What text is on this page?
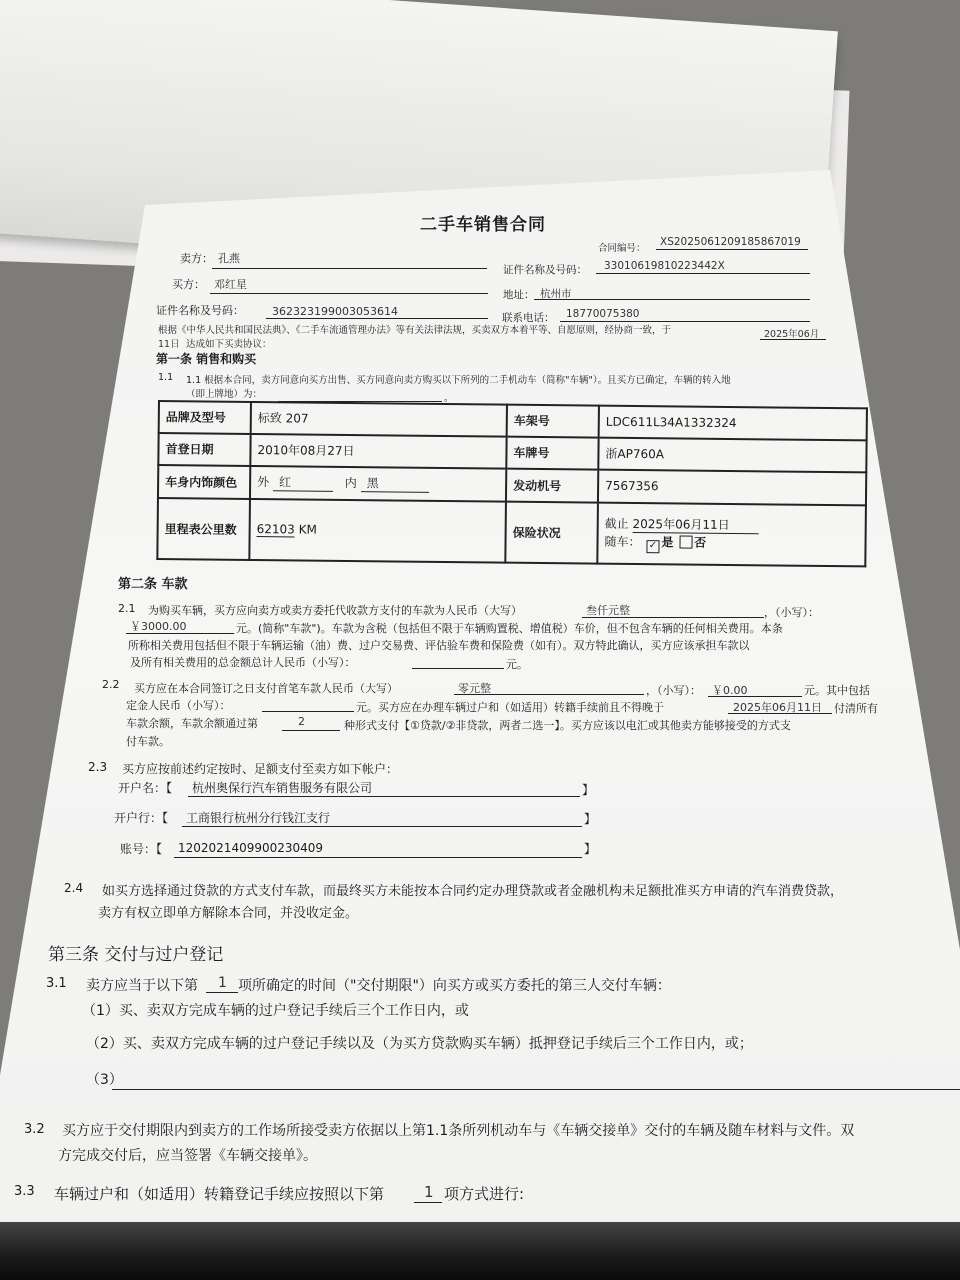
二手车销售合同
合同编号：
XS202506120918586​7019
卖方： 孔燕
证件名称及号码： 330106198102234​42X
买方： 邓红星
地址： 杭州市
证件名称及号码：	362323199003053614	联系电话： 18770075380
根据《中华人民共和国民法典》、《二手车流通管理办法》等有关法律法规，买卖双方本着平等、自愿原则，经协商一致，于	2025年06月
11日 达成如下买卖协议：
第一条 销售和购买
1.1 1.1 根据本合同，卖方同意向买方出售、买方同意向卖方购买以下所列的二手机动车（简称"车辆"）。且买方已确定，车辆的转入地
（即上牌地）为：	。
品牌及型号	标致 207	车架号	LDC611L34A1332324
首登日期	2010年08月27日	车牌号	浙AP760A
车身内饰颜色	外 红 内 黑	发动机号	7567356
里程表公里数	62103 KM	保险状况	截止 2025年06月11日
随车： ✓ 是 否
第二条 车款
2.1 为购买车辆，买方应向卖方或卖方委托代收款方支付的车款为人民币（大写）	叁仟元整	，（小写）：
￥3000.00	元。(简称"车款")。车款为含税（包括但不限于车辆购置税、增值税）车价，但不包含车辆的任何相关费用。本条
所称相关费用包括但不限于车辆运输（油）费、过户交易费、评估验车费和保险费（如有）。双方特此确认，买方应该承担车款以
及所有相关费用的总金额总计人民币（小写）：	元。
2.2 买方应在本合同签订之日支付首笔车款人民币（大写）	零元整	，（小写）： ￥0.00	元。其中包括
定金人民币（小写）：	元。买方应在办理车辆过户和（如适用）转籍手续前且不得晚于	2025年06月11日 付清所有
车款余额，车款余额通过第	2	种形式支付【①贷款/②非贷款，两者二选一】。买方应该以电汇或其他卖方能够接受的方式支
付车款。
2.3 买方应按前述约定按时、足额支付至卖方如下帐户：
开户名：【 杭州奥保行汽车销售服务有限公司	】
开户行：【 工商银行杭州分行钱江支行	】
账号：【 1202021409900230409	】
2.4 如买方选择通过贷款的方式支付车款，而最终买方未能按本合同约定办理贷款或者金融机构未足额批准买方申请的汽车消费贷款，
卖方有权立即单方解除本合同，并没收定金。
第三条 交付与过户登记
3.1 卖方应当于以下第 1 项所确定的时间（"交付期限"）向买方或买方委托的第三人交付车辆：
（1）买、卖双方完成车辆的过户登记手续后三个工作日内，或
（2）买、卖双方完成车辆的过户登记手续以及（为买方贷款购买车辆）抵押登记手续后三个工作日内，或；
（3）
3.2 买方应于交付期限内到卖方的工作场所接受卖方依据以上第1.1条所列机动车与《车辆交接单》交付的车辆及随车材料与文件。双
方完成交付后，应当签署《车辆交接单》。
3.3 车辆过户和（如适用）转籍登记手续应按照以下第	1 项方式进行:
